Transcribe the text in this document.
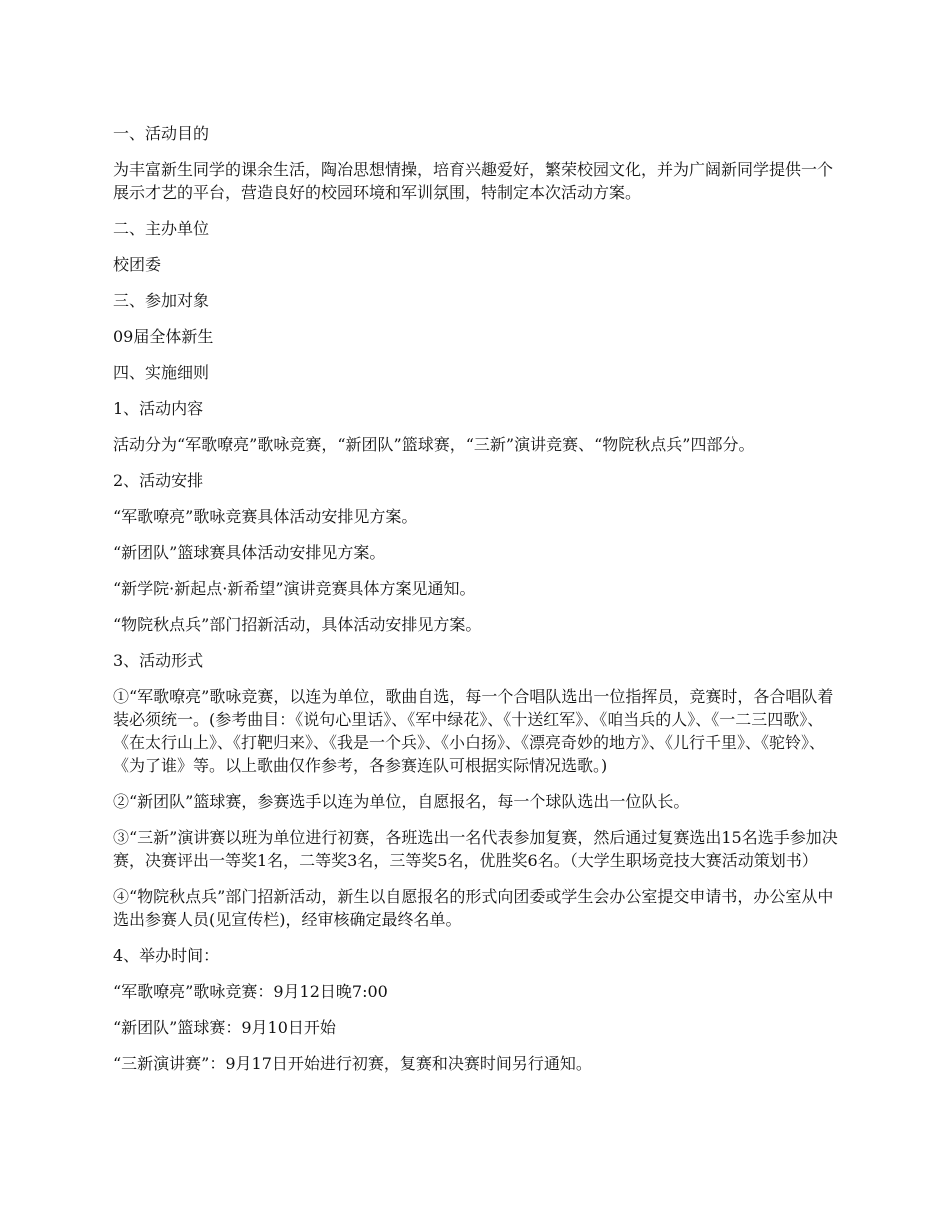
一、活动目的

为丰富新生同学的课余生活，陶冶思想情操，培育兴趣爱好，繁荣校园文化，并为广阔新同学提供一个展示才艺的平台，营造良好的校园环境和军训氛围，特制定本次活动方案。

二、主办单位

校团委

三、参加对象

09届全体新生

四、实施细则

1、活动内容

活动分为“军歌嘹亮”歌咏竞赛，“新团队”篮球赛，“三新”演讲竞赛、“物院秋点兵”四部分。

2、活动安排

“军歌嘹亮”歌咏竞赛具体活动安排见方案。

“新团队”篮球赛具体活动安排见方案。

“新学院·新起点·新希望”演讲竞赛具体方案见通知。

“物院秋点兵”部门招新活动，具体活动安排见方案。

3、活动形式

①“军歌嘹亮”歌咏竞赛，以连为单位，歌曲自选，每一个合唱队选出一位指挥员，竞赛时，各合唱队着装必须统一。(参考曲目：《说句心里话》、《军中绿花》、《十送红军》、《咱当兵的人》、《一二三四歌》、《在太行山上》、《打靶归来》、《我是一个兵》、《小白扬》、《漂亮奇妙的地方》、《儿行千里》、《驼铃》、《为了谁》等。以上歌曲仅作参考，各参赛连队可根据实际情况选歌。)

②“新团队”篮球赛，参赛选手以连为单位，自愿报名，每一个球队选出一位队长。

③“三新”演讲赛以班为单位进行初赛，各班选出一名代表参加复赛，然后通过复赛选出15名选手参加决赛，决赛评出一等奖1名，二等奖3名，三等奖5名，优胜奖6名。（大学生职场竞技大赛活动策划书）

④“物院秋点兵”部门招新活动，新生以自愿报名的形式向团委或学生会办公室提交申请书，办公室从中选出参赛人员(见宣传栏)，经审核确定最终名单。

4、举办时间：

“军歌嘹亮”歌咏竞赛：9月12日晚7:00

“新团队”篮球赛：9月10日开始

“三新演讲赛”：9月17日开始进行初赛，复赛和决赛时间另行通知。
